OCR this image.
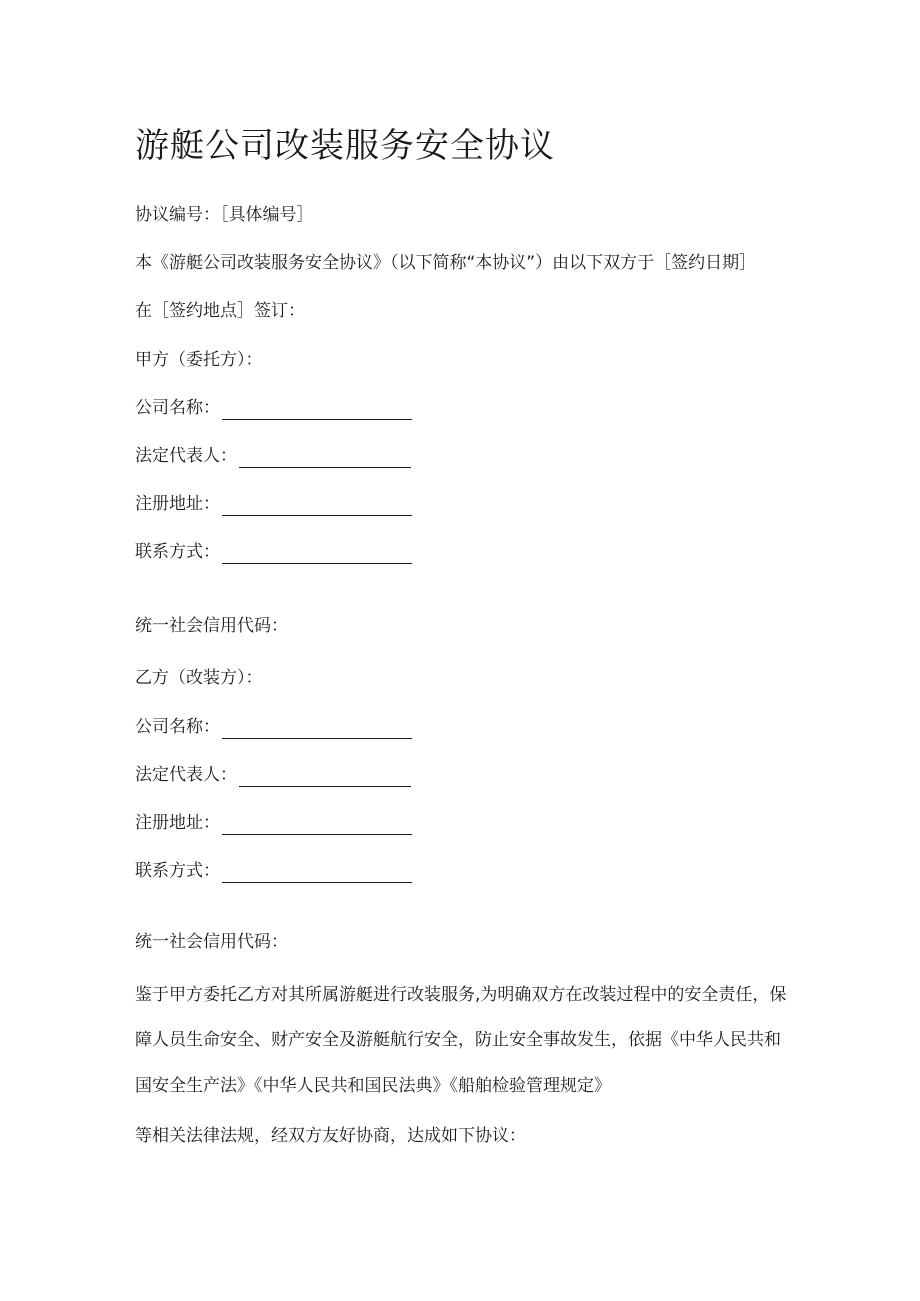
游艇公司改装服务安全协议
协议编号：［具体编号］
本《游艇公司改装服务安全协议》（以下简称“本协议”）由以下双方于［签约日期］
在［签约地点］签订：
甲方（委托方）：
公司名称：
法定代表人：
注册地址：
联系方式：
统一社会信用代码：
乙方（改装方）：
公司名称：
法定代表人：
注册地址：
联系方式：
统一社会信用代码：
鉴于甲方委托乙方对其所属游艇进行改装服务,为明确双方在改装过程中的安全责任，保
障人员生命安全、财产安全及游艇航行安全，防止安全事故发生，依据《中华人民共和
国安全生产法》《中华人民共和国民法典》《船舶检验管理规定》
等相关法律法规，经双方友好协商，达成如下协议：
